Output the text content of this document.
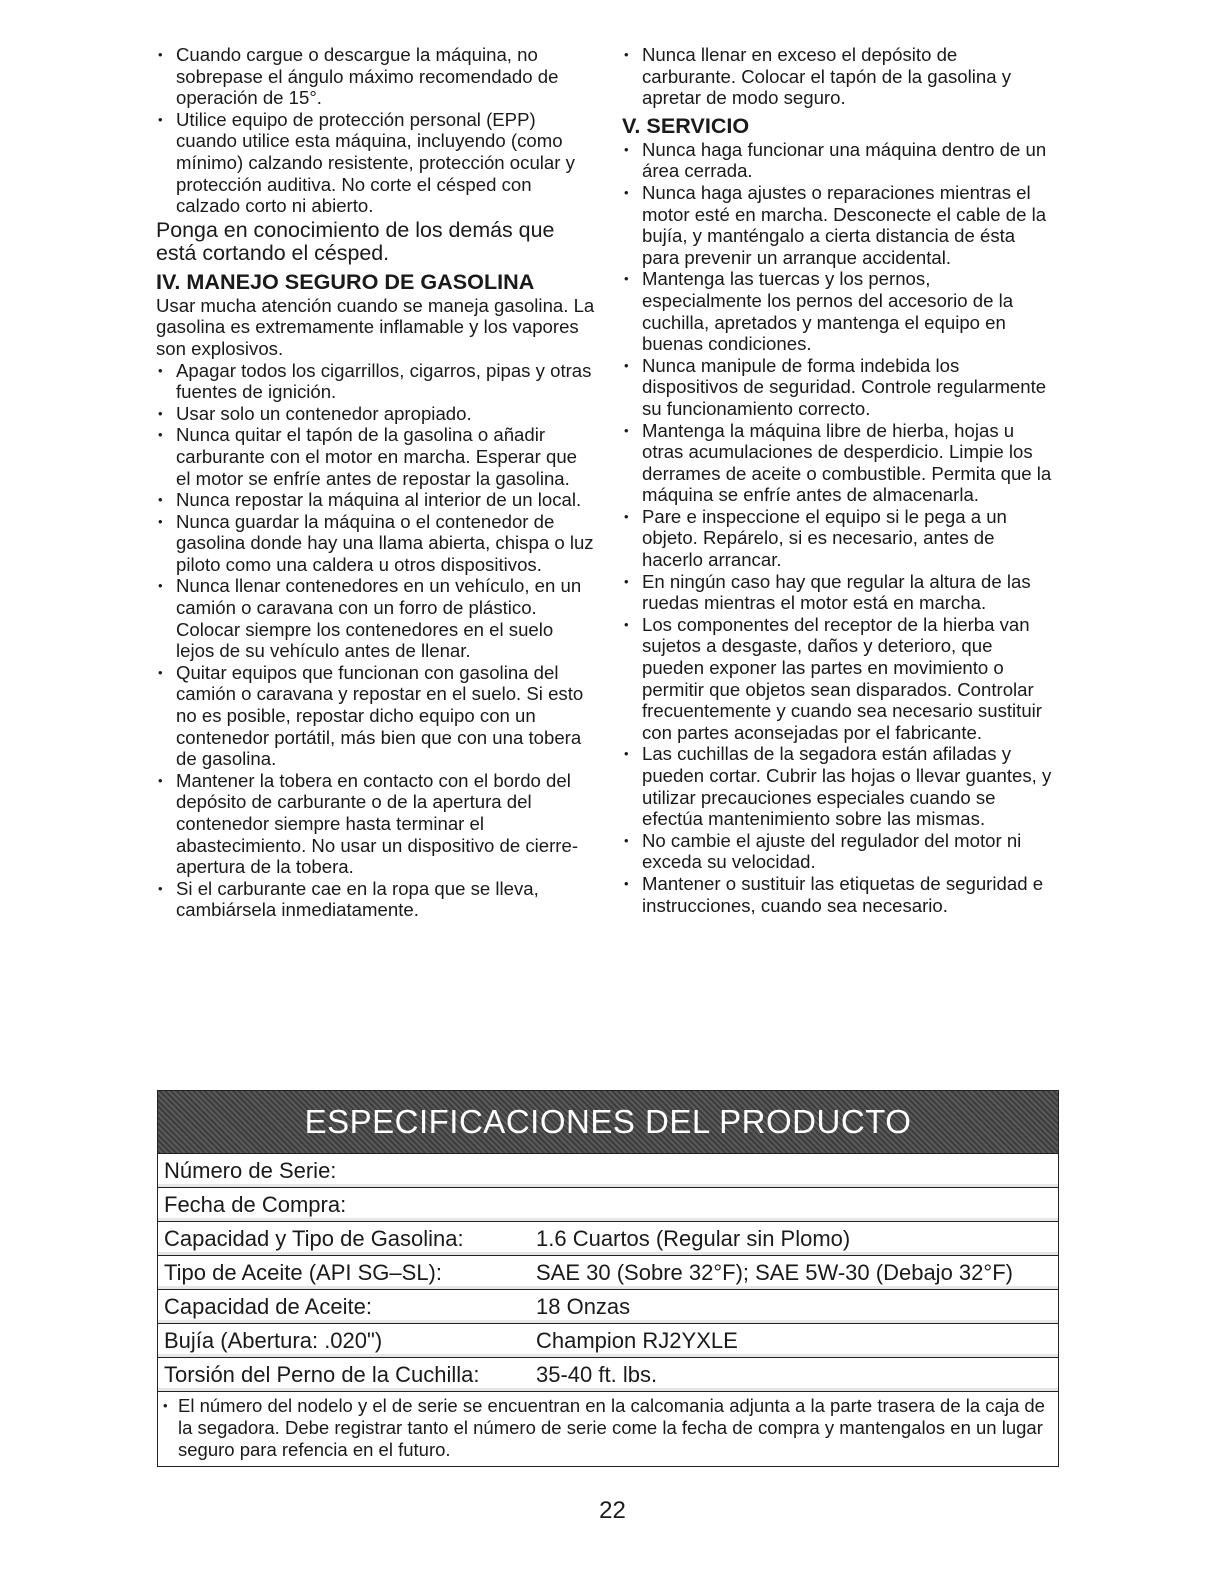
• Cuando cargue o descargue la máquina, no sobrepase el ángulo máximo recomendado de operación de 15°.
• Utilice equipo de protección personal (EPP) cuando utilice esta máquina, incluyendo (como mínimo) calzando resistente, protección ocular y protección auditiva. No corte el césped con calzado corto ni abierto.
Ponga en conocimiento de los demás que está cortando el césped.
IV. MANEJO SEGURO DE GASOLINA

Usar mucha atención cuando se maneja gasolina. La gasolina es extremamente inflamable y los vapores son explosivos.

• Apagar todos los cigarrillos, cigarros, pipas y otras fuentes de ignición.
• Usar solo un contenedor apropiado.
• Nunca quitar el tapón de la gasolina o añadir carburante con el motor en marcha. Esperar que el motor se enfríe antes de repostar la gasolina.
• Nunca repostar la máquina al interior de un local.
• Nunca guardar la máquina o el contenedor de gasolina donde hay una llama abierta, chispa o luz piloto como una caldera u otros dispositivos.
• Nunca llenar contenedores en un vehículo, en un camión o caravana con un forro de plástico. Colocar siempre los contenedores en el suelo lejos de su vehículo antes de llenar.
• Quitar equipos que funcionan con gasolina del camión o caravana y repostar en el suelo. Si esto no es posible, repostar dicho equipo con un contenedor portátil, más bien que con una tobera de gasolina.
• Mantener la tobera en contacto con el bordo del depósito de carburante o de la apertura del contenedor siempre hasta terminar el abastecimiento. No usar un dispositivo de cierre-apertura de la tobera.
• Si el carburante cae en la ropa que se lleva, cambiársela inmediatamente.
• Nunca llenar en exceso el depósito de carburante. Colocar el tapón de la gasolina y apretar de modo seguro.
V. SERVICIO
• Nunca haga funcionar una máquina dentro de un área cerrada.
• Nunca haga ajustes o reparaciones mientras el motor esté en marcha. Desconecte el cable de la bujía, y manténgalo a cierta distancia de ésta para prevenir un arranque accidental.
• Mantenga las tuercas y los pernos, especialmente los pernos del accesorio de la cuchilla, apretados y mantenga el equipo en buenas condiciones.
• Nunca manipule de forma indebida los dispositivos de seguridad. Controle regularmente su funcionamiento correcto.
• Mantenga la máquina libre de hierba, hojas u otras acumulaciones de desperdicio. Limpie los derrames de aceite o combustible. Permita que la máquina se enfríe antes de almacenarla.
• Pare e inspeccione el equipo si le pega a un objeto. Repárelo, si es necesario, antes de hacerlo arrancar.
• En ningún caso hay que regular la altura de las ruedas mientras el motor está en marcha.
• Los componentes del receptor de la hierba van sujetos a desgaste, daños y deterioro, que pueden exponer las partes en movimiento o permitir que objetos sean disparados. Controlar frecuentemente y cuando sea necesario sustituir con partes aconsejadas por el fabricante.
• Las cuchillas de la segadora están afiladas y pueden cortar. Cubrir las hojas o llevar guantes, y utilizar precauciones especiales cuando se efectúa mantenimiento sobre las mismas.
• No cambie el ajuste del regulador del motor ni exceda su velocidad.
• Mantener o sustituir las etiquetas de seguridad e instrucciones, cuando sea necesario.
ESPECIFICACIONES DEL PRODUCTO
Número de Serie:
Fecha de Compra:
Capacidad y Tipo de Gasolina:	1.6 Cuartos (Regular sin Plomo)
Tipo de Aceite (API SG–SL):	SAE 30 (Sobre 32°F); SAE 5W-30 (Debajo 32°F)
Capacidad de Aceite:	18 Onzas
Bujía (Abertura: .020")	Champion RJ2YXLE
Torsión del Perno de la Cuchilla:	35-40 ft. lbs.
• El número del nodelo y el de serie se encuentran en la calcomania adjunta a la parte trasera de la caja de la segadora. Debe registrar tanto el número de serie come la fecha de compra y mantengalos en un lugar seguro para refencia en el futuro.
22
